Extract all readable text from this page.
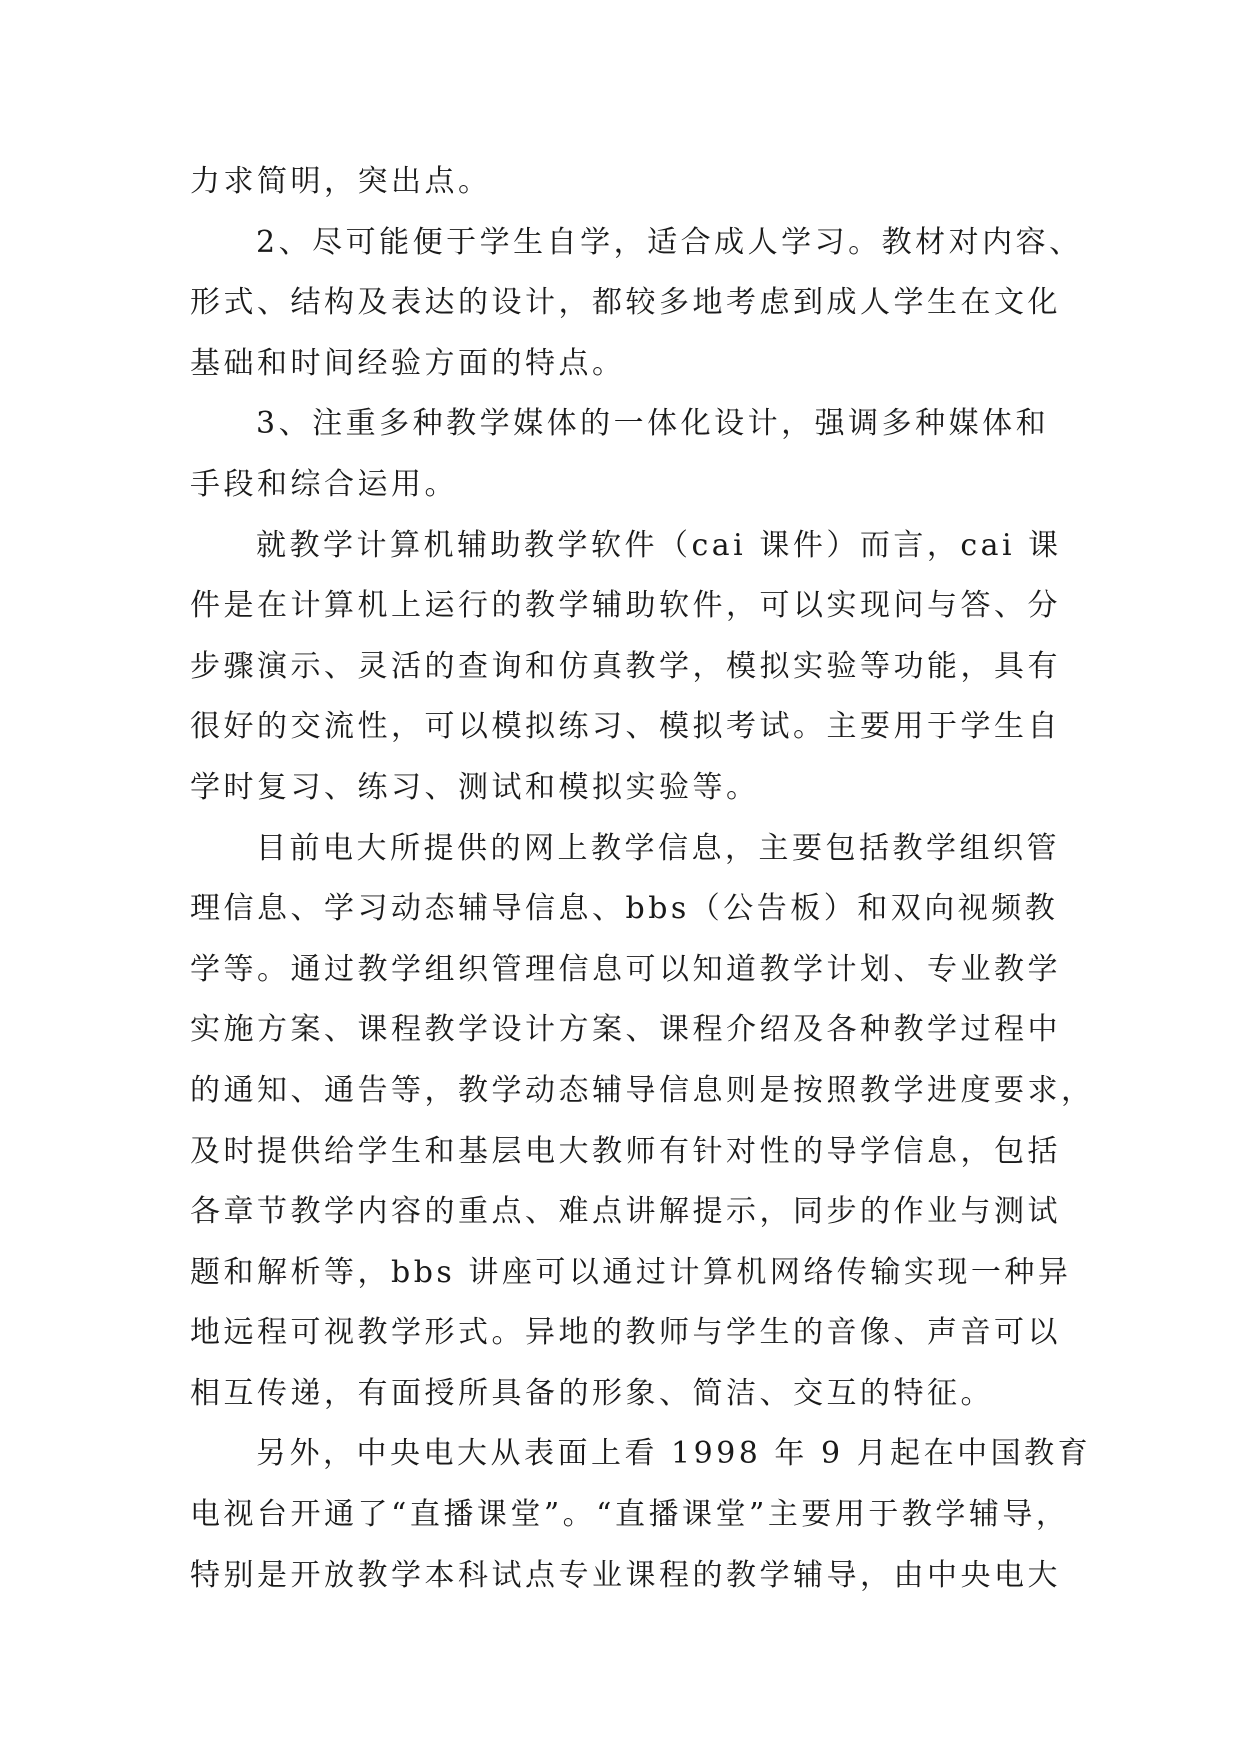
力求简明，突出点。
2、尽可能便于学生自学，适合成人学习。教材对内容、
形式、结构及表达的设计，都较多地考虑到成人学生在文化
基础和时间经验方面的特点。
3、注重多种教学媒体的一体化设计，强调多种媒体和
手段和综合运用。
就教学计算机辅助教学软件（cai 课件）而言，cai 课
件是在计算机上运行的教学辅助软件，可以实现问与答、分
步骤演示、灵活的查询和仿真教学，模拟实验等功能，具有
很好的交流性，可以模拟练习、模拟考试。主要用于学生自
学时复习、练习、测试和模拟实验等。
目前电大所提供的网上教学信息，主要包括教学组织管
理信息、学习动态辅导信息、bbs（公告板）和双向视频教
学等。通过教学组织管理信息可以知道教学计划、专业教学
实施方案、课程教学设计方案、课程介绍及各种教学过程中
的通知、通告等，教学动态辅导信息则是按照教学进度要求，
及时提供给学生和基层电大教师有针对性的导学信息，包括
各章节教学内容的重点、难点讲解提示，同步的作业与测试
题和解析等，bbs 讲座可以通过计算机网络传输实现一种异
地远程可视教学形式。异地的教师与学生的音像、声音可以
相互传递，有面授所具备的形象、简洁、交互的特征。
另外，中央电大从表面上看 1998 年 9 月起在中国教育
电视台开通了“直播课堂”。“直播课堂”主要用于教学辅导，
特别是开放教学本科试点专业课程的教学辅导，由中央电大
